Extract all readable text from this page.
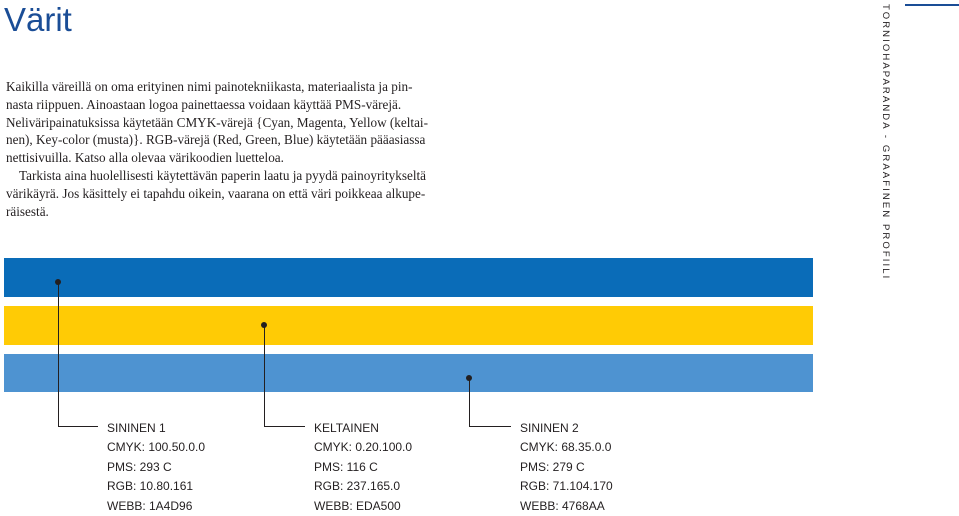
Värit

Kaikilla väreillä on oma erityinen nimi painotekniikasta, materiaalista ja pin-
nasta riippuen. Ainoastaan logoa painettaessa voidaan käyttää PMS-värejä.
Neliväripainatuksissa käytetään CMYK-värejä {Cyan, Magenta, Yellow (keltai-
nen), Key-color (musta)}. RGB-värejä (Red, Green, Blue) käytetään pääasiassa
nettisivuilla. Katso alla olevaa värikoodien luetteloa.

Tarkista aina huolellisesti käytettävän paperin laatu ja pyydä painoyritykseltä
värikäyrä. Jos käsittely ei tapahdu oikein, vaarana on että väri poikkeaa alkupe-
räisestä.	TORNIOHAPARANDA - GRAAFINEN PROFIILI
SININEN 1
CMYK: 100.50.0.0
PMS: 293 C
RGB: 10.80.161
WEBB: 1A4D96
KELTAINEN
CMYK: 0.20.100.0
PMS: 116 C
RGB: 237.165.0
WEBB: EDA500
SININEN 2
CMYK: 68.35.0.0
PMS: 279 C
RGB: 71.104.170
WEBB: 4768AA
